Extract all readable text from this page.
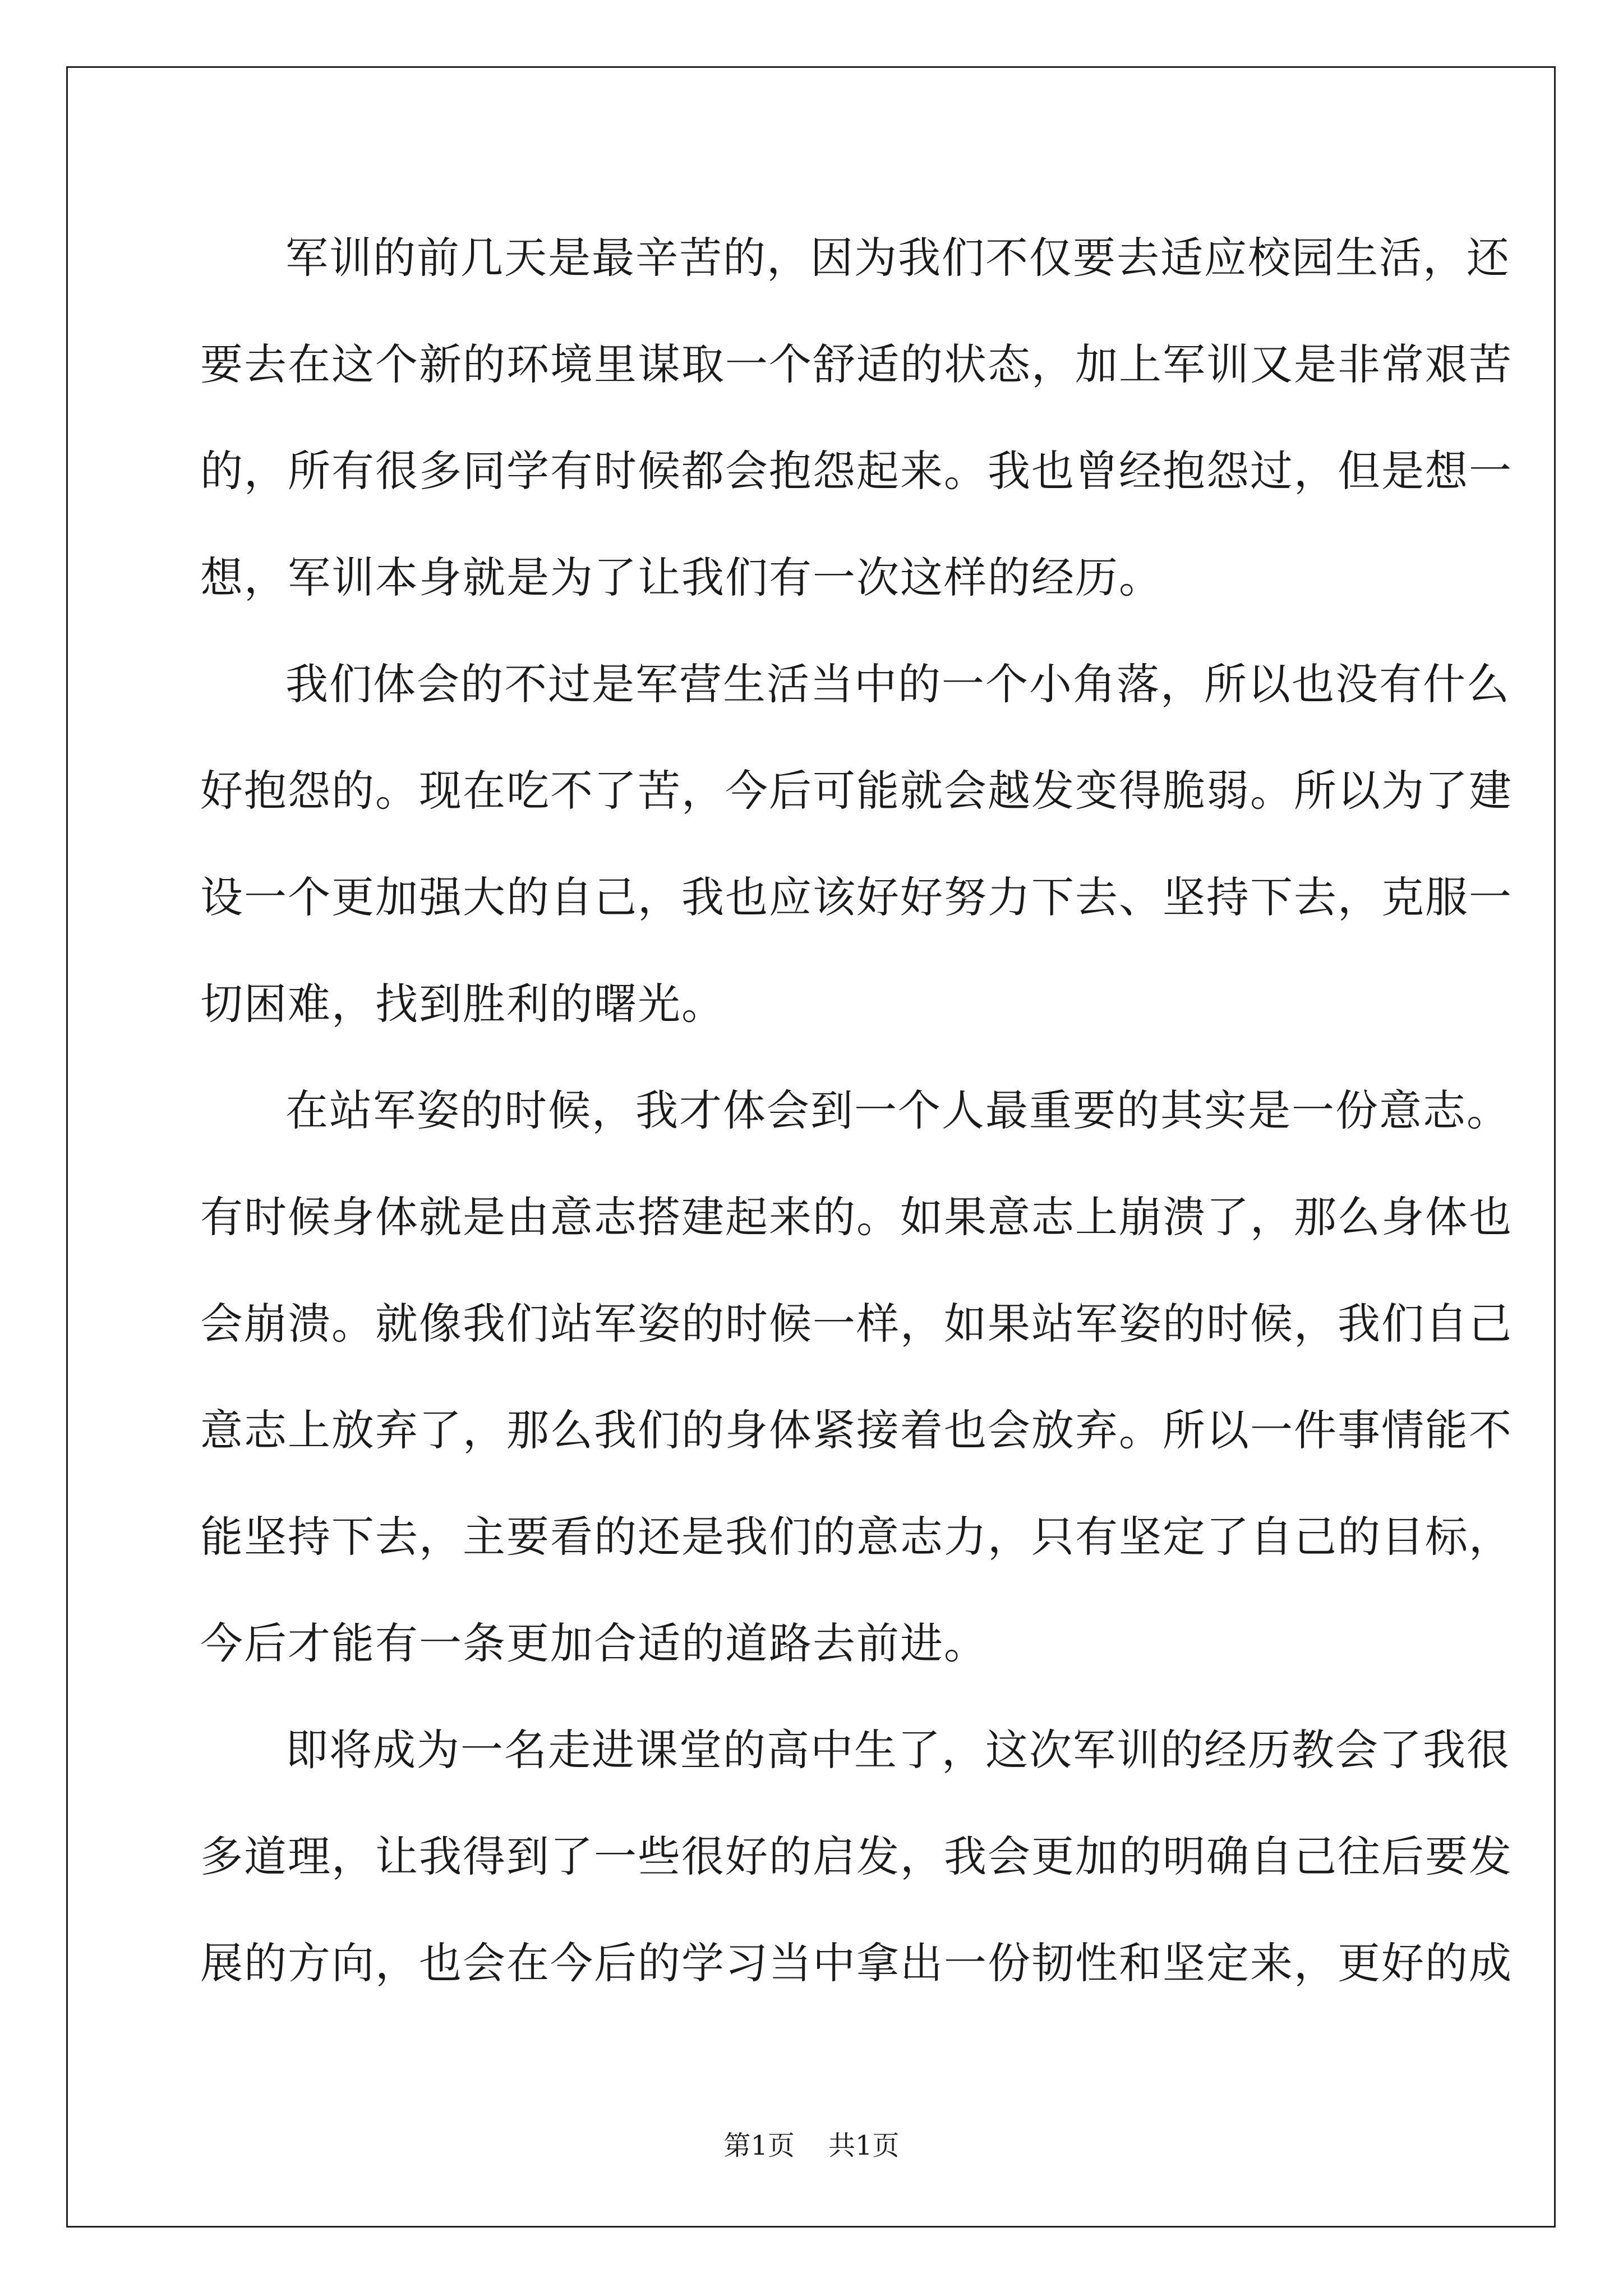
军训的前几天是最辛苦的，因为我们不仅要去适应校园生活，还
要去在这个新的环境里谋取一个舒适的状态，加上军训又是非常艰苦
的，所有很多同学有时候都会抱怨起来。我也曾经抱怨过，但是想一
想，军训本身就是为了让我们有一次这样的经历。
我们体会的不过是军营生活当中的一个小角落，所以也没有什么
好抱怨的。现在吃不了苦，今后可能就会越发变得脆弱。所以为了建
设一个更加强大的自己，我也应该好好努力下去、坚持下去，克服一
切困难，找到胜利的曙光。
在站军姿的时候，我才体会到一个人最重要的其实是一份意志。
有时候身体就是由意志搭建起来的。如果意志上崩溃了，那么身体也
会崩溃。就像我们站军姿的时候一样，如果站军姿的时候，我们自己
意志上放弃了，那么我们的身体紧接着也会放弃。所以一件事情能不
能坚持下去，主要看的还是我们的意志力，只有坚定了自己的目标，
今后才能有一条更加合适的道路去前进。
即将成为一名走进课堂的高中生了，这次军训的经历教会了我很
多道理，让我得到了一些很好的启发，我会更加的明确自己往后要发
展的方向，也会在今后的学习当中拿出一份韧性和坚定来，更好的成
第1页 共1页
